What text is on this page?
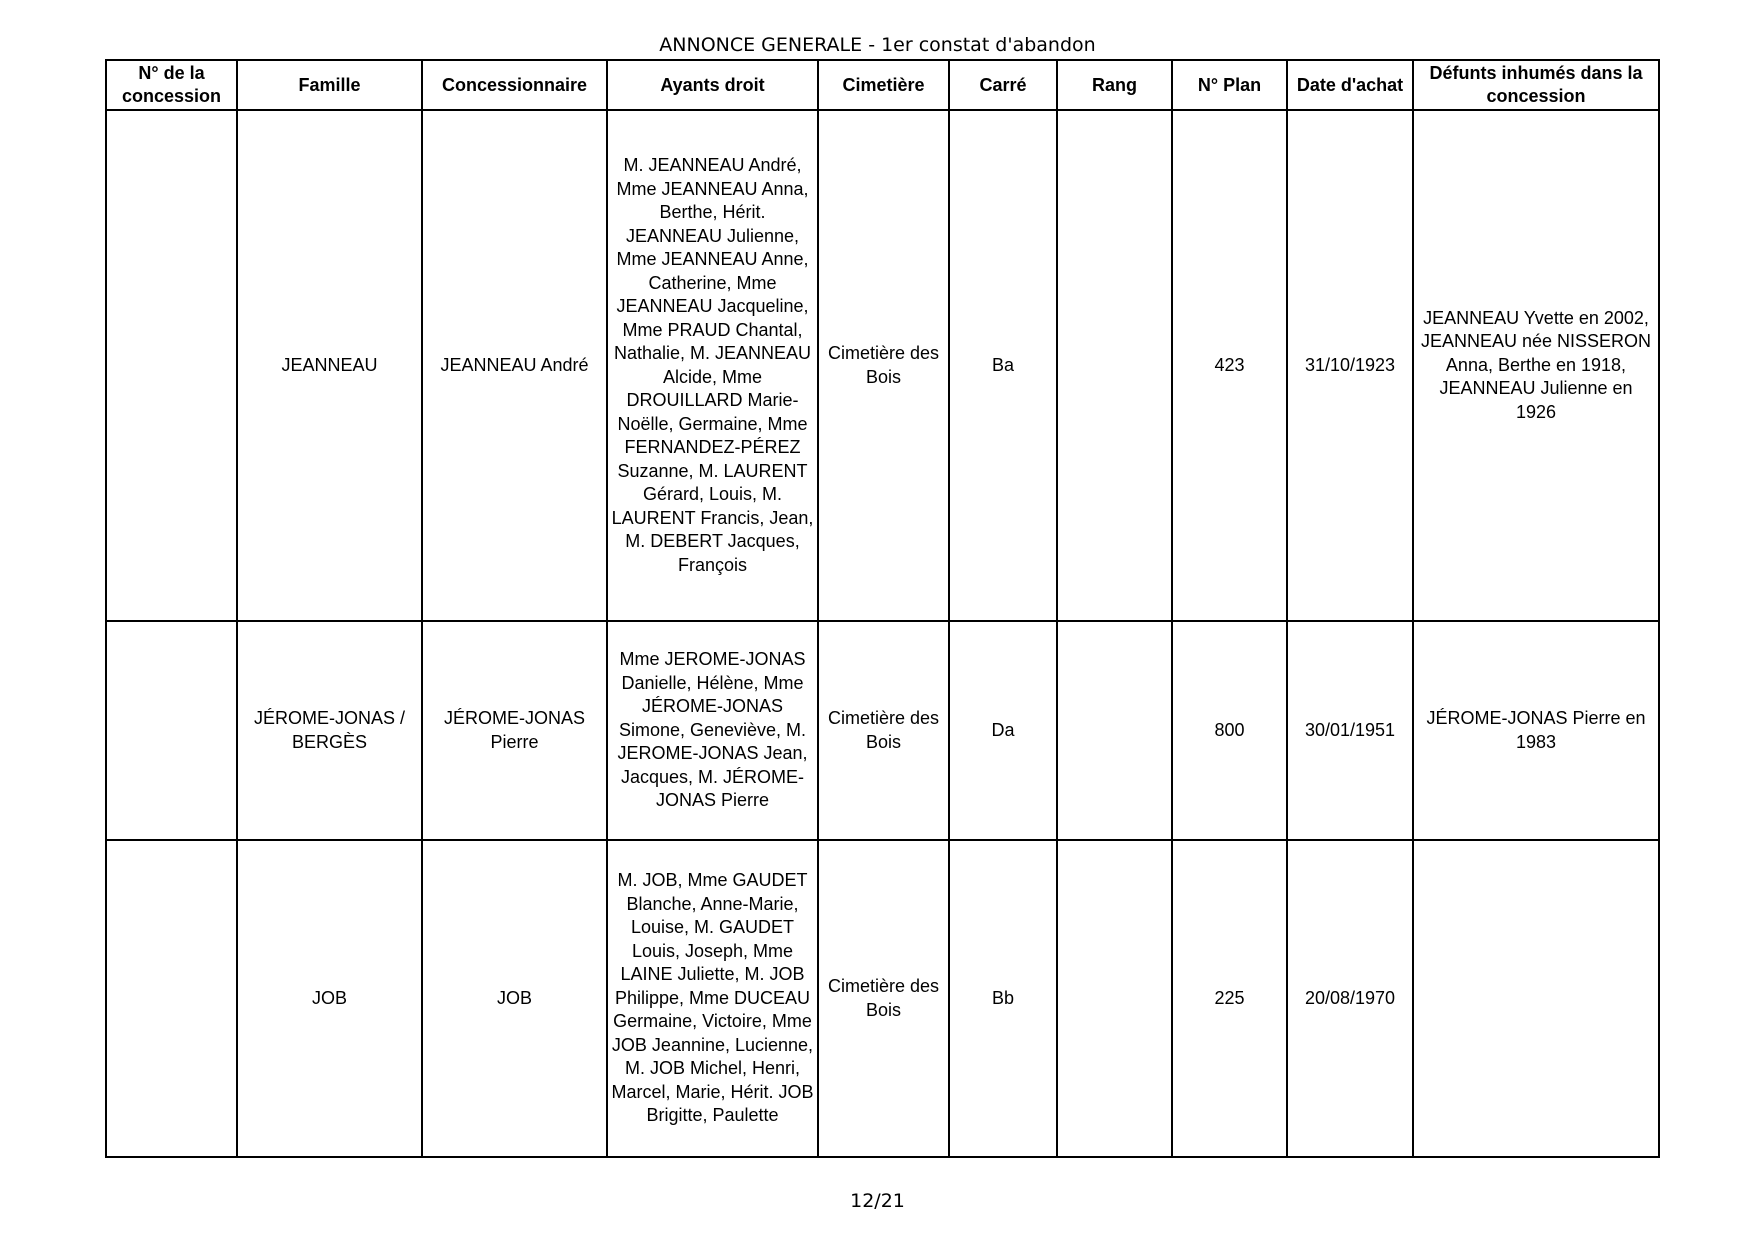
ANNONCE GENERALE - 1er constat d'abandon
N° de la concession	Famille	Concessionnaire	Ayants droit	Cimetière	Carré	Rang	N° Plan	Date d'achat	Défunts inhumés dans la concession
	JEANNEAU	JEANNEAU André	M. JEANNEAU André, Mme JEANNEAU Anna, Berthe, Hérit. JEANNEAU Julienne, Mme JEANNEAU Anne, Catherine, Mme JEANNEAU Jacqueline, Mme PRAUD Chantal, Nathalie, M. JEANNEAU Alcide, Mme DROUILLARD Marie-Noëlle, Germaine, Mme FERNANDEZ-PÉREZ Suzanne, M. LAURENT Gérard, Louis, M. LAURENT Francis, Jean, M. DEBERT Jacques, François	Cimetière des Bois	Ba		423	31/10/1923	JEANNEAU Yvette en 2002, JEANNEAU née NISSERON Anna, Berthe en 1918, JEANNEAU Julienne en 1926
	JÉROME-JONAS / BERGÈS	JÉROME-JONAS Pierre	Mme JEROME-JONAS Danielle, Hélène, Mme JÉROME-JONAS Simone, Geneviève, M. JEROME-JONAS Jean, Jacques, M. JÉROME-JONAS Pierre	Cimetière des Bois	Da		800	30/01/1951	JÉROME-JONAS Pierre en 1983
	JOB	JOB	M. JOB, Mme GAUDET Blanche, Anne-Marie, Louise, M. GAUDET Louis, Joseph, Mme LAINE Juliette, M. JOB Philippe, Mme DUCEAU Germaine, Victoire, Mme JOB Jeannine, Lucienne, M. JOB Michel, Henri, Marcel, Marie, Hérit. JOB Brigitte, Paulette	Cimetière des Bois	Bb		225	20/08/1970	
12/21
